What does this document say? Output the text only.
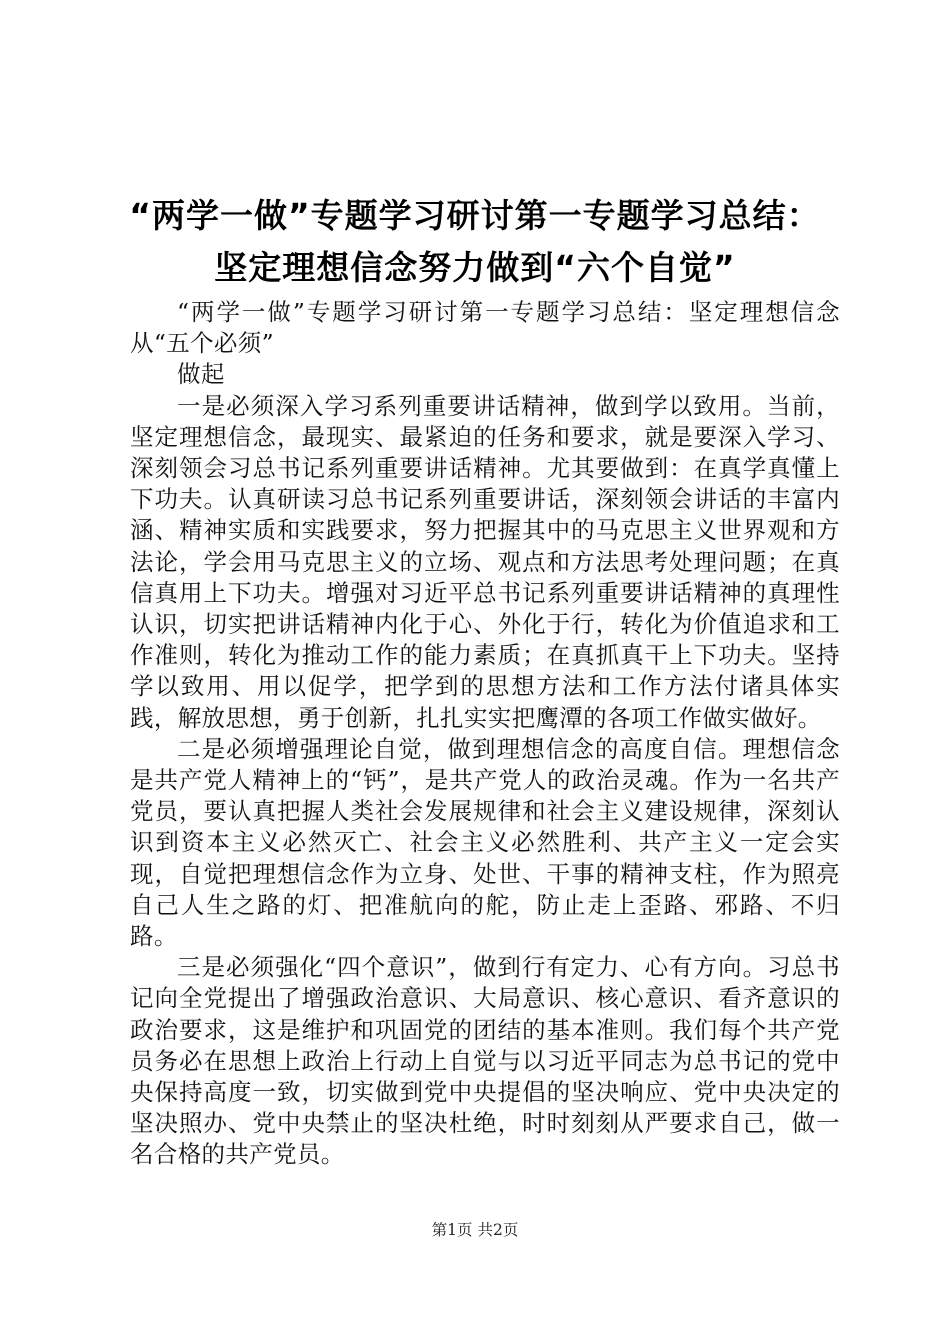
“两学一做”专题学习研讨第一专题学习总结：
坚定理想信念努力做到“六个自觉”

“两学一做”专题学习研讨第一专题学习总结：坚定理想信念从“五个必须”

做起

一是必须深入学习系列重要讲话精神，做到学以致用。当前，坚定理想信念，最现实、最紧迫的任务和要求，就是要深入学习、深刻领会习总书记系列重要讲话精神。尤其要做到：在真学真懂上下功夫。认真研读习总书记系列重要讲话，深刻领会讲话的丰富内涵、精神实质和实践要求，努力把握其中的马克思主义世界观和方法论，学会用马克思主义的立场、观点和方法思考处理问题；在真信真用上下功夫。增强对习近平总书记系列重要讲话精神的真理性认识，切实把讲话精神内化于心、外化于行，转化为价值追求和工作准则，转化为推动工作的能力素质；在真抓真干上下功夫。坚持学以致用、用以促学，把学到的思想方法和工作方法付诸具体实践，解放思想，勇于创新，扎扎实实把鹰潭的各项工作做实做好。

二是必须增强理论自觉，做到理想信念的高度自信。理想信念是共产党人精神上的“钙”，是共产党人的政治灵魂。作为一名共产党员，要认真把握人类社会发展规律和社会主义建设规律，深刻认识到资本主义必然灭亡、社会主义必然胜利、共产主义一定会实现，自觉把理想信念作为立身、处世、干事的精神支柱，作为照亮自己人生之路的灯、把准航向的舵，防止走上歪路、邪路、不归路。

三是必须强化“四个意识”，做到行有定力、心有方向。习总书记向全党提出了增强政治意识、大局意识、核心意识、看齐意识的政治要求，这是维护和巩固党的团结的基本准则。我们每个共产党员务必在思想上政治上行动上自觉与以习近平同志为总书记的党中央保持高度一致，切实做到党中央提倡的坚决响应、党中央决定的坚决照办、党中央禁止的坚决杜绝，时时刻刻从严要求自己，做一名合格的共产党员。

第1页 共2页
